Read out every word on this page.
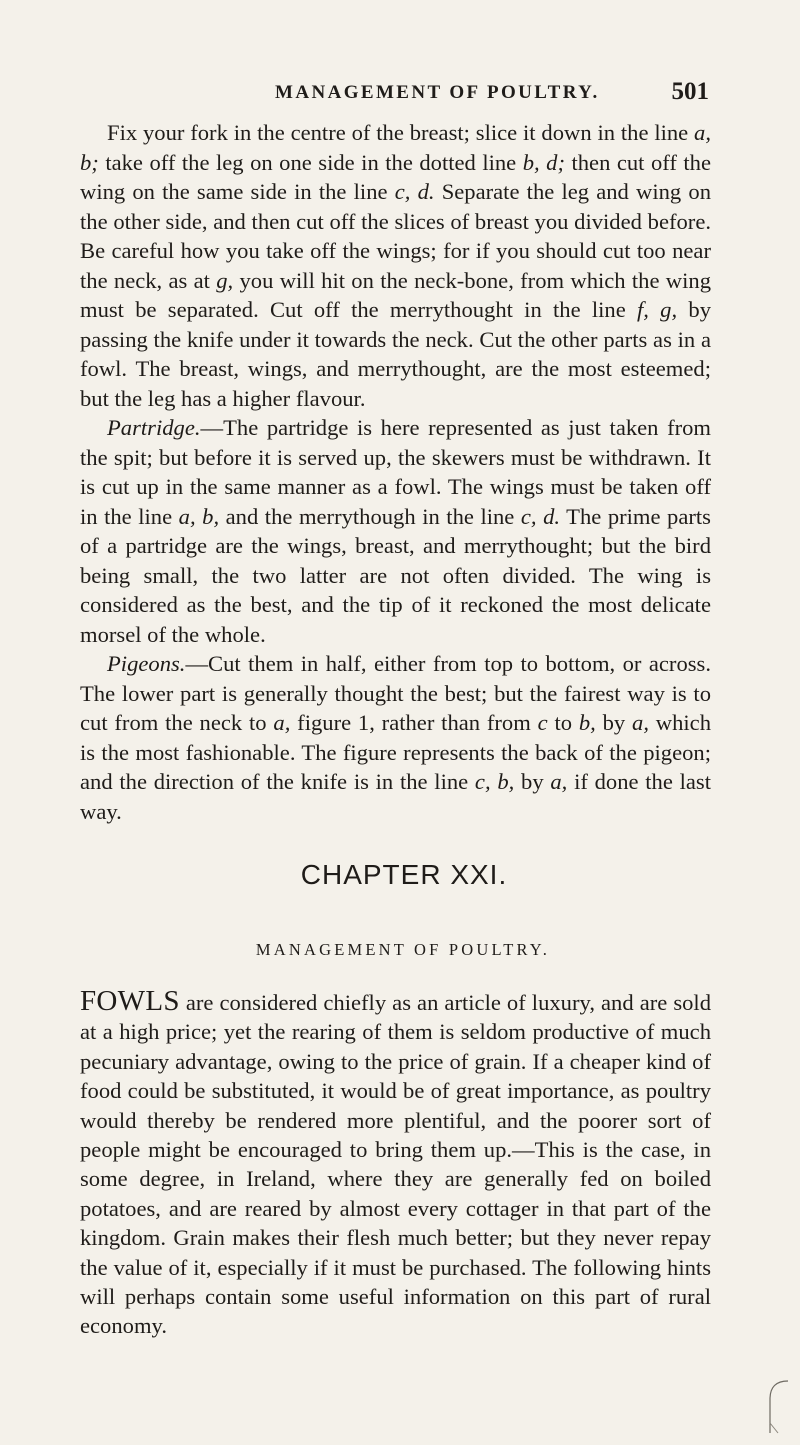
MANAGEMENT OF POULTRY.	501

Fix your fork in the centre of the breast; slice it down in the line a, b; take off the leg on one side in the dotted line b, d; then cut off the wing on the same side in the line c, d. Separate the leg and wing on the other side, and then cut off the slices of breast you divided before. Be careful how you take off the wings; for if you should cut too near the neck, as at g, you will hit on the neck-bone, from which the wing must be separated. Cut off the merrythought in the line f, g, by passing the knife under it towards the neck. Cut the other parts as in a fowl. The breast, wings, and merrythought, are the most esteemed; but the leg has a higher flavour.

Partridge.—The partridge is here represented as just taken from the spit; but before it is served up, the skewers must be withdrawn. It is cut up in the same manner as a fowl. The wings must be taken off in the line a, b, and the merrythough in the line c, d. The prime parts of a partridge are the wings, breast, and merrythought; but the bird being small, the two latter are not often divided. The wing is considered as the best, and the tip of it reckoned the most delicate morsel of the whole.

Pigeons.—Cut them in half, either from top to bottom, or across. The lower part is generally thought the best; but the fairest way is to cut from the neck to a, figure 1, rather than from c to b, by a, which is the most fashionable. The figure represents the back of the pigeon; and the direction of the knife is in the line c, b, by a, if done the last way.

CHAPTER XXI.
MANAGEMENT OF POULTRY.

FOWLS are considered chiefly as an article of luxury, and are sold at a high price; yet the rearing of them is seldom productive of much pecuniary advantage, owing to the price of grain. If a cheaper kind of food could be substituted, it would be of great importance, as poultry would thereby be rendered more plentiful, and the poorer sort of people might be encouraged to bring them up.—This is the case, in some degree, in Ireland, where they are generally fed on boiled potatoes, and are reared by almost every cottager in that part of the kingdom. Grain makes their flesh much better; but they never repay the value of it, especially if it must be purchased. The following hints will perhaps contain some useful information on this part of rural economy.
